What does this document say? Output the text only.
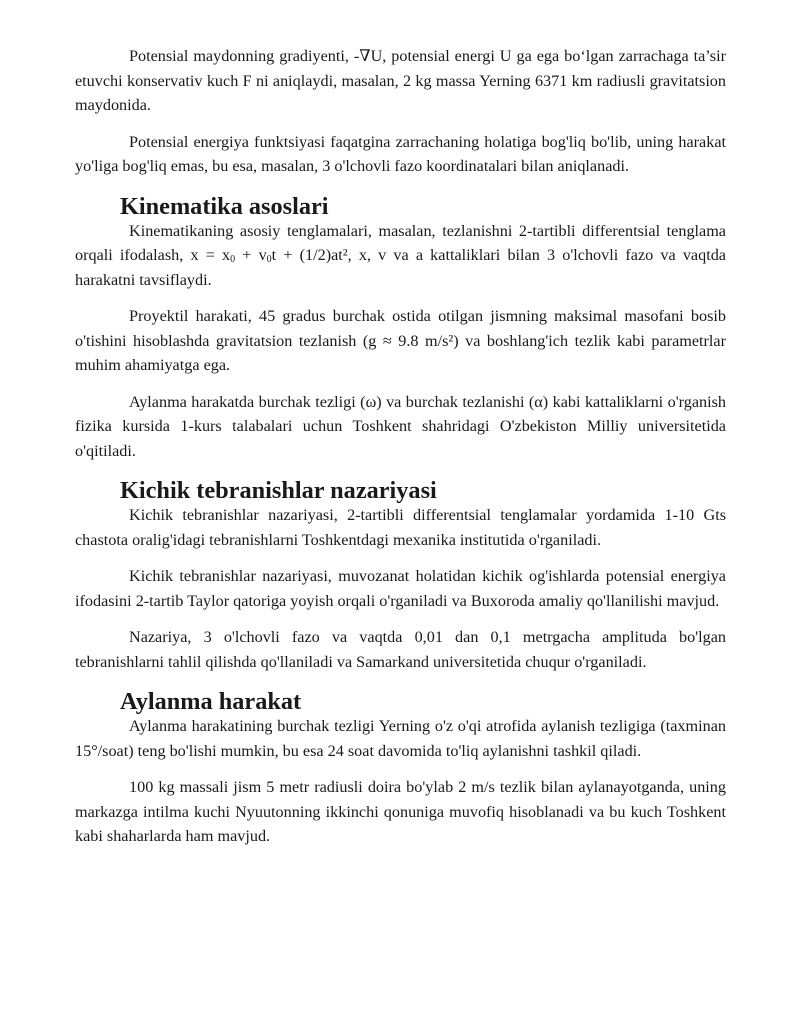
Potensial maydonning gradiyenti, -∇U, potensial energi U ga ega bo‘lgan zarrachaga ta’sir etuvchi konservativ kuch F ni aniqlaydi, masalan, 2 kg massa Yerning 6371 km radiusli gravitatsion maydonida.

Potensial energiya funktsiyasi faqatgina zarrachaning holatiga bog'liq bo'lib, uning harakat yo'liga bog'liq emas, bu esa, masalan, 3 o'lchovli fazo koordinatalari bilan aniqlanadi.

Kinematika asoslari

Kinematikaning asosiy tenglamalari, masalan, tezlanishni 2-tartibli differentsial tenglama orqali ifodalash, $x = x_0 + v_0t + (1/2)at^2$, x, v va a kattaliklari bilan 3 o'lchovli fazo va vaqtda harakatni tavsiflaydi.

Proyektil harakati, 45 gradus burchak ostida otilgan jismning maksimal masofani bosib o'tishini hisoblashda gravitatsion tezlanish (g ≈ 9.8 m/s²) va boshlang'ich tezlik kabi parametrlar muhim ahamiyatga ega.

Aylanma harakatda burchak tezligi (ω) va burchak tezlanishi (α) kabi kattaliklarni o'rganish fizika kursida 1-kurs talabalari uchun Toshkent shahridagi O'zbekiston Milliy universitetida o'qitiladi.

Kichik tebranishlar nazariyasi

Kichik tebranishlar nazariyasi, 2-tartibli differentsial tenglamalar yordamida 1-10 Gts chastota oralig'idagi tebranishlarni Toshkentdagi mexanika institutida o'rganiladi.

Kichik tebranishlar nazariyasi, muvozanat holatidan kichik og'ishlarda potensial energiya ifodasini 2-tartib Taylor qatoriga yoyish orqali o'rganiladi va Buxoroda amaliy qo'llanilishi mavjud.

Nazariya, 3 o'lchovli fazo va vaqtda 0,01 dan 0,1 metrgacha amplituda bo'lgan tebranishlarni tahlil qilishda qo'llaniladi va Samarkand universitetida chuqur o'rganiladi.

Aylanma harakat

Aylanma harakatining burchak tezligi Yerning o'z o'qi atrofida aylanish tezligiga (taxminan 15°/soat) teng bo'lishi mumkin, bu esa 24 soat davomida to'liq aylanishni tashkil qiladi.

100 kg massali jism 5 metr radiusli doira bo'ylab 2 m/s tezlik bilan aylanayotganda, uning markazga intilma kuchi Nyuutonning ikkinchi qonuniga muvofiq hisoblanadi va bu kuch Toshkent kabi shaharlarda ham mavjud.
